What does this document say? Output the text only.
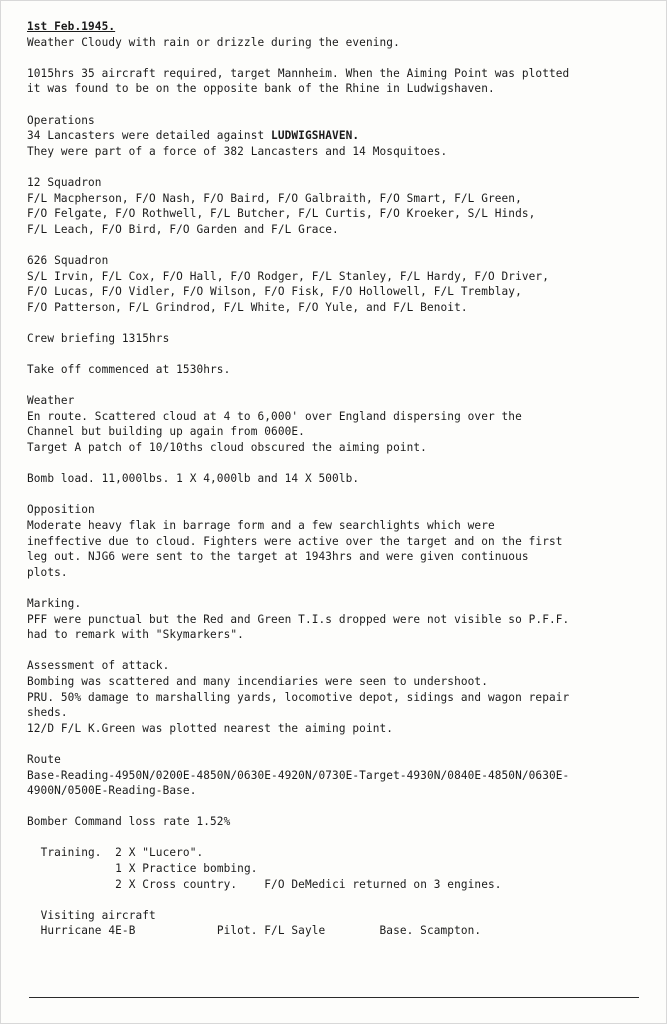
1st Feb.1945.
Weather Cloudy with rain or drizzle during the evening.
1015hrs 35 aircraft required, target Mannheim. When the Aiming Point was plotted
it was found to be on the opposite bank of the Rhine in Ludwigshaven.
Operations
34 Lancasters were detailed against LUDWIGSHAVEN.
They were part of a force of 382 Lancasters and 14 Mosquitoes.
12 Squadron
F/L Macpherson, F/O Nash, F/O Baird, F/O Galbraith, F/O Smart, F/L Green,
F/O Felgate, F/O Rothwell, F/L Butcher, F/L Curtis, F/O Kroeker, S/L Hinds,
F/L Leach, F/O Bird, F/O Garden and F/L Grace.
626 Squadron
S/L Irvin, F/L Cox, F/O Hall, F/O Rodger, F/L Stanley, F/L Hardy, F/O Driver,
F/O Lucas, F/O Vidler, F/O Wilson, F/O Fisk, F/O Hollowell, F/L Tremblay,
F/O Patterson, F/L Grindrod, F/L White, F/O Yule, and F/L Benoit.
Crew briefing 1315hrs
Take off commenced at 1530hrs.
Weather
En route. Scattered cloud at 4 to 6,000' over England dispersing over the
Channel but building up again from 0600E.
Target A patch of 10/10ths cloud obscured the aiming point.
Bomb load. 11,000lbs. 1 X 4,000lb and 14 X 500lb.
Opposition
Moderate heavy flak in barrage form and a few searchlights which were
ineffective due to cloud. Fighters were active over the target and on the first
leg out. NJG6 were sent to the target at 1943hrs and were given continuous
plots.
Marking.
PFF were punctual but the Red and Green T.I.s dropped were not visible so P.F.F.
had to remark with "Skymarkers".
Assessment of attack.
Bombing was scattered and many incendiaries were seen to undershoot.
PRU. 50% damage to marshalling yards, locomotive depot, sidings and wagon repair
sheds.
12/D F/L K.Green was plotted nearest the aiming point.
Route
Base-Reading-4950N/0200E-4850N/0630E-4920N/0730E-Target-4930N/0840E-4850N/0630E-
4900N/0500E-Reading-Base.
Bomber Command loss rate 1.52%
Training.  2 X "Lucero".
1 X Practice bombing.
2 X Cross country.    F/O DeMedici returned on 3 engines.
Visiting aircraft
Hurricane 4E-B            Pilot. F/L Sayle        Base. Scampton.
